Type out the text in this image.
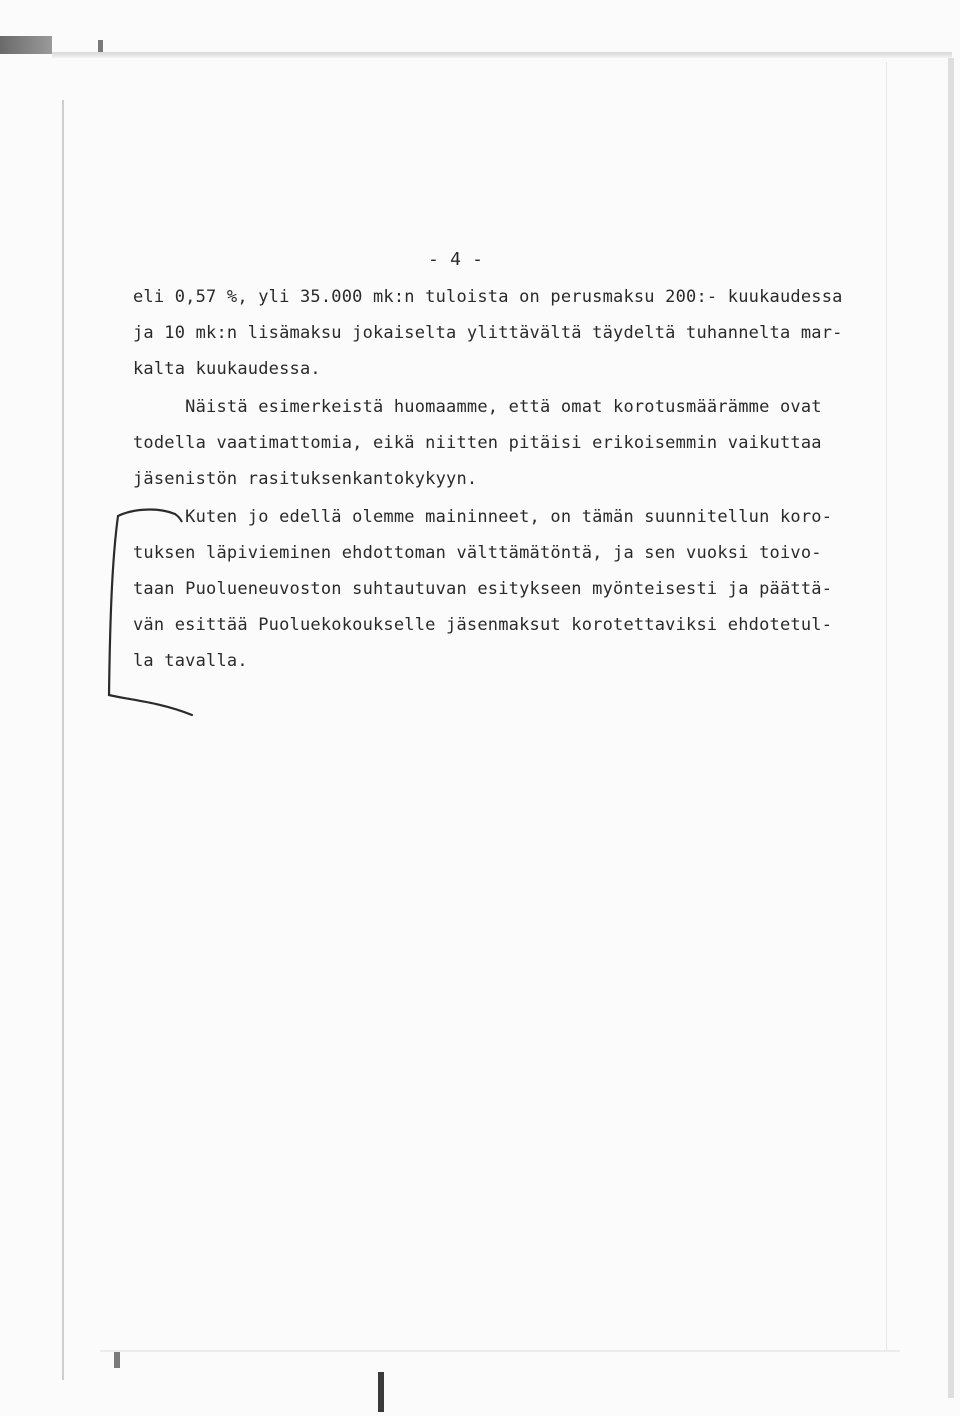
- 4 -
eli 0,57 %, yli 35.000 mk:n tuloista on perusmaksu 200:- kuukaudessa
ja 10 mk:n lisämaksu jokaiselta ylittävältä täydeltä tuhannelta mar-
kalta kuukaudessa.
Näistä esimerkeistä huomaamme, että omat korotusmäärämme ovat
todella vaatimattomia, eikä niitten pitäisi erikoisemmin vaikuttaa
jäsenistön rasituksenkantokykyyn.
Kuten jo edellä olemme maininneet, on tämän suunnitellun koro-
tuksen läpivieminen ehdottoman välttämätöntä, ja sen vuoksi toivo-
taan Puolueneuvoston suhtautuvan esitykseen myönteisesti ja päättä-
vän esittää Puoluekokoukselle jäsenmaksut korotettaviksi ehdotetul-
la tavalla.
